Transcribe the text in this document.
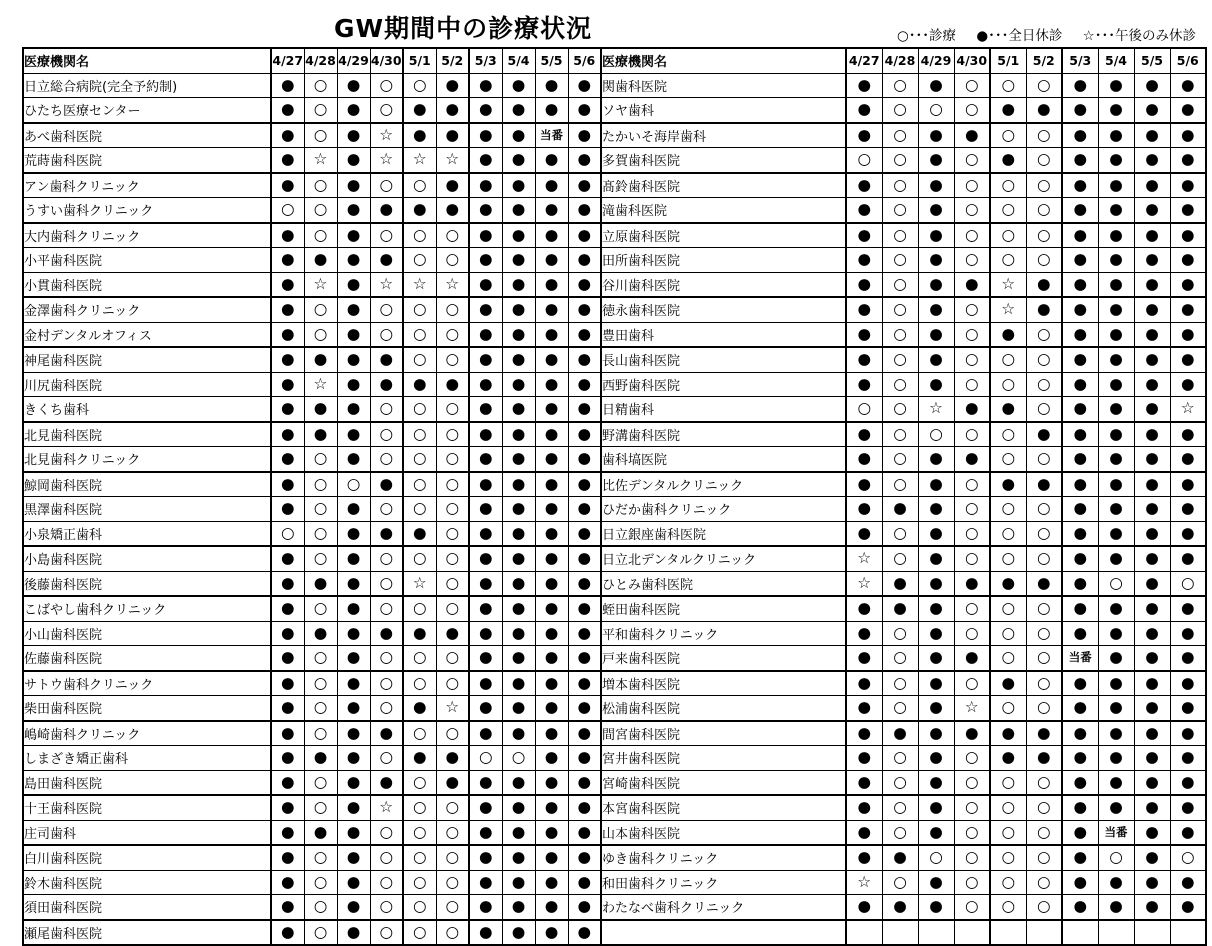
GW期間中の診療状況	○･･･診療 ●･･･全日休診 ☆･･･午後のみ休診
医療機関名	4/27	4/28	4/29	4/30	5/1	5/2	5/3	5/4	5/5	5/6	医療機関名	4/27	4/28	4/29	4/30	5/1	5/2	5/3	5/4	5/5	5/6
日立総合病院(完全予約制)	●	○	●	○	○	●	●	●	●	●	関歯科医院	●	○	●	○	○	○	●	●	●	●
ひたち医療センター	●	○	●	○	●	●	●	●	●	●	ソヤ歯科	●	○	○	○	●	●	●	●	●	●
あべ歯科医院	●	○	●	☆	●	●	●	●	当番	●	たかいそ海岸歯科	●	○	●	●	○	○	●	●	●	●
荒蒔歯科医院	●	☆	●	☆	☆	☆	●	●	●	●	多賀歯科医院	○	○	●	○	●	○	●	●	●	●
アン歯科クリニック	●	○	●	○	○	●	●	●	●	●	髙鈴歯科医院	●	○	●	○	○	○	●	●	●	●
うすい歯科クリニック	○	○	●	●	●	●	●	●	●	●	滝歯科医院	●	○	●	○	○	○	●	●	●	●
大内歯科クリニック	●	○	●	○	○	○	●	●	●	●	立原歯科医院	●	○	●	○	○	○	●	●	●	●
小平歯科医院	●	●	●	●	○	○	●	●	●	●	田所歯科医院	●	○	●	○	○	○	●	●	●	●
小貫歯科医院	●	☆	●	☆	☆	☆	●	●	●	●	谷川歯科医院	●	○	●	●	☆	●	●	●	●	●
金澤歯科クリニック	●	○	●	○	○	○	●	●	●	●	徳永歯科医院	●	○	●	○	☆	●	●	●	●	●
金村デンタルオフィス	●	○	●	○	○	○	●	●	●	●	豊田歯科	●	○	●	○	●	○	●	●	●	●
神尾歯科医院	●	●	●	●	○	○	●	●	●	●	長山歯科医院	●	○	●	○	○	○	●	●	●	●
川尻歯科医院	●	☆	●	●	●	●	●	●	●	●	西野歯科医院	●	○	●	○	○	○	●	●	●	●
きくち歯科	●	●	●	○	○	○	●	●	●	●	日精歯科	○	○	☆	●	●	○	●	●	●	☆
北見歯科医院	●	●	●	○	○	○	●	●	●	●	野溝歯科医院	●	○	○	○	○	●	●	●	●	●
北見歯科クリニック	●	○	●	○	○	○	●	●	●	●	歯科塙医院	●	○	●	●	○	○	●	●	●	●
鯨岡歯科医院	●	○	○	●	○	○	●	●	●	●	比佐デンタルクリニック	●	○	●	○	●	●	●	●	●	●
黒澤歯科医院	●	○	●	○	○	○	●	●	●	●	ひだか歯科クリニック	●	●	●	○	○	○	●	●	●	●
小泉矯正歯科	○	○	●	●	●	○	●	●	●	●	日立銀座歯科医院	●	○	●	○	○	○	●	●	●	●
小島歯科医院	●	○	●	○	○	○	●	●	●	●	日立北デンタルクリニック	☆	○	●	○	○	○	●	●	●	●
後藤歯科医院	●	●	●	○	☆	○	●	●	●	●	ひとみ歯科医院	☆	●	●	●	●	●	●	○	●	○
こばやし歯科クリニック	●	○	●	○	○	○	●	●	●	●	蛭田歯科医院	●	●	●	○	○	○	●	●	●	●
小山歯科医院	●	●	●	●	●	●	●	●	●	●	平和歯科クリニック	●	○	●	○	○	○	●	●	●	●
佐藤歯科医院	●	○	●	○	○	○	●	●	●	●	戸来歯科医院	●	○	●	●	○	○	当番	●	●	●
サトウ歯科クリニック	●	○	●	○	○	○	●	●	●	●	増本歯科医院	●	○	●	○	●	○	●	●	●	●
柴田歯科医院	●	○	●	○	●	☆	●	●	●	●	松浦歯科医院	●	○	●	☆	○	○	●	●	●	●
嶋崎歯科クリニック	●	○	●	●	○	○	●	●	●	●	間宮歯科医院	●	●	●	●	●	●	●	●	●	●
しまざき矯正歯科	●	●	●	○	●	●	○	○	●	●	宮井歯科医院	●	○	●	○	●	●	●	●	●	●
島田歯科医院	●	○	●	●	○	●	●	●	●	●	宮崎歯科医院	●	○	●	○	○	○	●	●	●	●
十王歯科医院	●	○	●	☆	○	○	●	●	●	●	本宮歯科医院	●	○	●	○	○	○	●	●	●	●
庄司歯科	●	●	●	○	○	○	●	●	●	●	山本歯科医院	●	○	●	○	○	○	●	当番	●	●
白川歯科医院	●	○	●	○	○	○	●	●	●	●	ゆき歯科クリニック	●	●	○	○	○	○	●	○	●	○
鈴木歯科医院	●	○	●	○	○	○	●	●	●	●	和田歯科クリニック	☆	○	●	○	○	○	●	●	●	●
須田歯科医院	●	○	●	○	○	○	●	●	●	●	わたなべ歯科クリニック	●	●	●	○	○	○	●	●	●	●
瀬尾歯科医院	●	○	●	○	○	○	●	●	●	●											
